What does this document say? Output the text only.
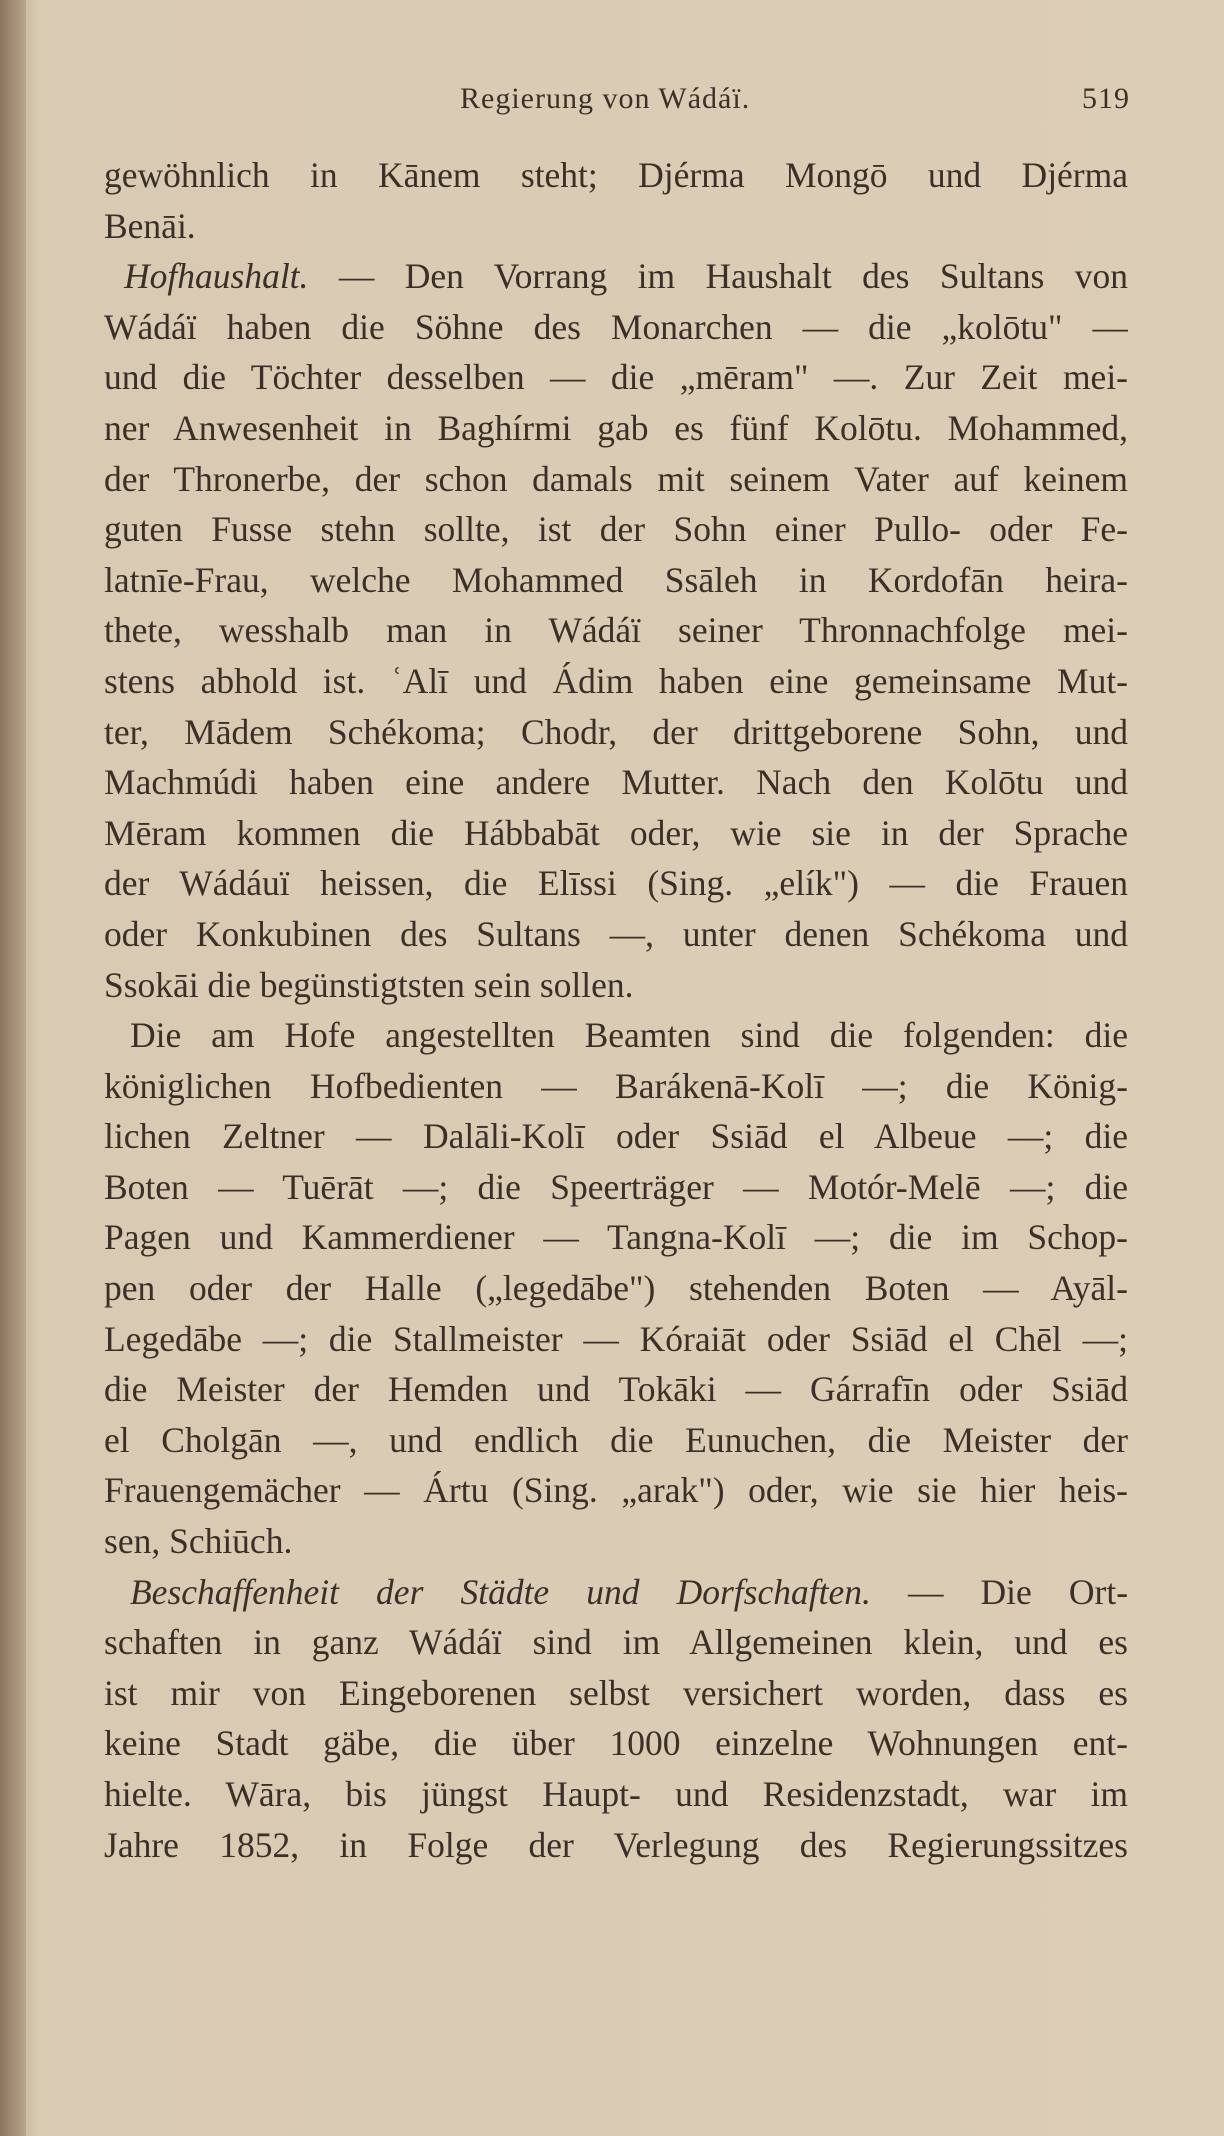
Regierung von Wádáï.	519
gewöhnlich in Kānem steht; Djérma Mongō und Djérma
Benāi.
Hofhaushalt. — Den Vorrang im Haushalt des Sultans von
Wádáï haben die Söhne des Monarchen — die „kolōtu" —
und die Töchter desselben — die „mēram" —. Zur Zeit mei-
ner Anwesenheit in Baghírmi gab es fünf Kolōtu. Mohammed,
der Thronerbe, der schon damals mit seinem Vater auf keinem
guten Fusse stehn sollte, ist der Sohn einer Pullo- oder Fe-
latnīe-Frau, welche Mohammed Ssāleh in Kordofān heira-
thete, wesshalb man in Wádáï seiner Thronnachfolge mei-
stens abhold ist. ʿAlī und Ádim haben eine gemeinsame Mut-
ter, Mādem Schékoma; Chodr, der drittgeborene Sohn, und
Machmúdi haben eine andere Mutter. Nach den Kolōtu und
Mēram kommen die Hábbabāt oder, wie sie in der Sprache
der Wádáuï heissen, die Elīssi (Sing. „elík") — die Frauen
oder Konkubinen des Sultans —, unter denen Schékoma und
Ssokāi die begünstigtsten sein sollen.
Die am Hofe angestellten Beamten sind die folgenden: die
königlichen Hofbedienten — Barákenā-Kolī —; die König-
lichen Zeltner — Dalāli-Kolī oder Ssiād el Albeue —; die
Boten — Tuērāt —; die Speerträger — Motór-Melē —; die
Pagen und Kammerdiener — Tangna-Kolī —; die im Schop-
pen oder der Halle („legedābe") stehenden Boten — Ayāl-
Legedābe —; die Stallmeister — Kóraiāt oder Ssiād el Chēl —;
die Meister der Hemden und Tokāki — Gárrafīn oder Ssiād
el Cholgān —, und endlich die Eunuchen, die Meister der
Frauengemächer — Ártu (Sing. „arak") oder, wie sie hier heis-
sen, Schiūch.
Beschaffenheit der Städte und Dorfschaften. — Die Ort-
schaften in ganz Wádáï sind im Allgemeinen klein, und es
ist mir von Eingeborenen selbst versichert worden, dass es
keine Stadt gäbe, die über 1000 einzelne Wohnungen ent-
hielte. Wāra, bis jüngst Haupt- und Residenzstadt, war im
Jahre 1852, in Folge der Verlegung des Regierungssitzes
